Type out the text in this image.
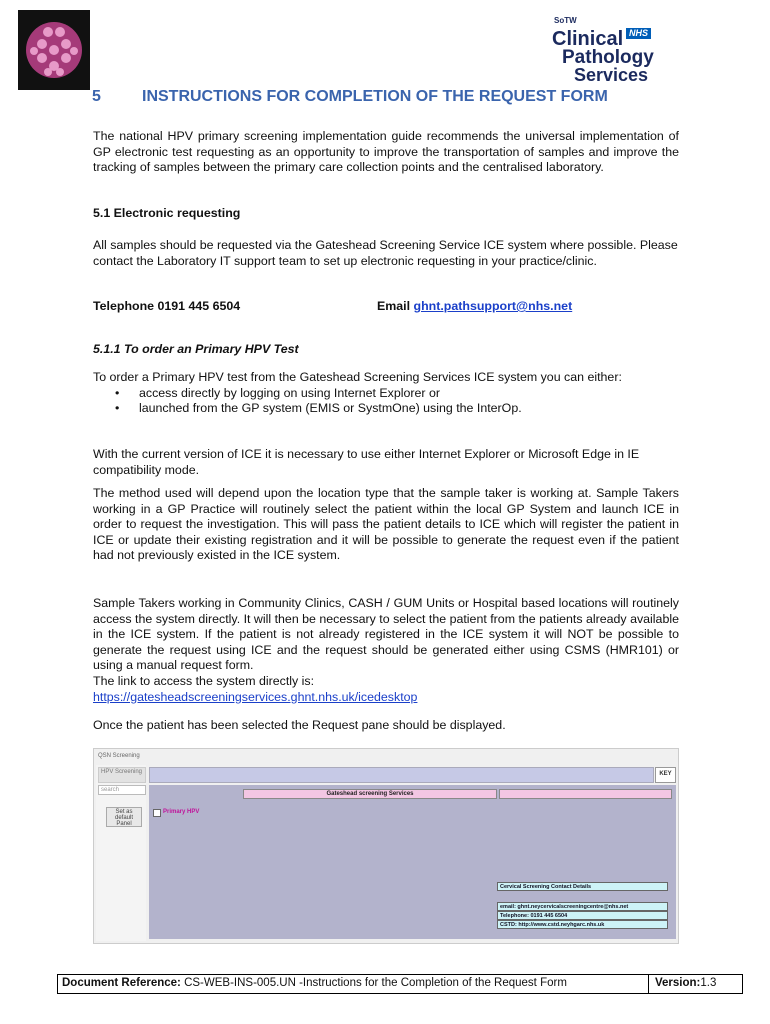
SoTW
NHS
Clinical
Pathology
Services
5	INSTRUCTIONS FOR COMPLETION OF THE REQUEST FORM
The national HPV primary screening implementation guide recommends the universal implementation of GP electronic test requesting as an opportunity to improve the transportation of samples and improve the tracking of samples between the primary care collection points and the centralised laboratory.
5.1 Electronic requesting
All samples should be requested via the Gateshead Screening Service ICE system where possible. Please contact the Laboratory IT support team to set up electronic requesting in your practice/clinic.
Telephone 0191 445 6504	Email ghnt.pathsupport@nhs.net
5.1.1 To order an Primary HPV Test
To order a Primary HPV test from the Gateshead Screening Services ICE system you can either:
• access directly by logging on using Internet Explorer or
• launched from the GP system (EMIS or SystmOne) using the InterOp.
With the current version of ICE it is necessary to use either Internet Explorer or Microsoft Edge in IE compatibility mode.
The method used will depend upon the location type that the sample taker is working at. Sample Takers working in a GP Practice will routinely select the patient within the local GP System and launch ICE in order to request the investigation. This will pass the patient details to ICE which will register the patient in ICE or update their existing registration and it will be possible to generate the request even if the patient had not previously existed in the ICE system.
Sample Takers working in Community Clinics, CASH / GUM Units or Hospital based locations will routinely access the system directly. It will then be necessary to select the patient from the patients already available in the ICE system. If the patient is not already registered in the ICE system it will NOT be possible to generate the request using ICE and the request should be generated either using CSMS (HMR101) or using a manual request form.
The link to access the system directly is:
https://gatesheadscreeningservices.ghnt.nhs.uk/icedesktop
Once the patient has been selected the Request pane should be displayed.
QSN Screening
HPV Screening
search
Set as default Panel
KEY
Gateshead screening Services
Primary HPV
Cervical Screening Contact Details
email: ghnt.neycervicalscreeningcentre@nhs.net
Telephone: 0191 445 6504
CSTD: http://www.cstd.neyhgarc.nhs.uk
Document Reference: CS-WEB-INS-005.UN -Instructions for the Completion of the Request Form	Version:1.3
